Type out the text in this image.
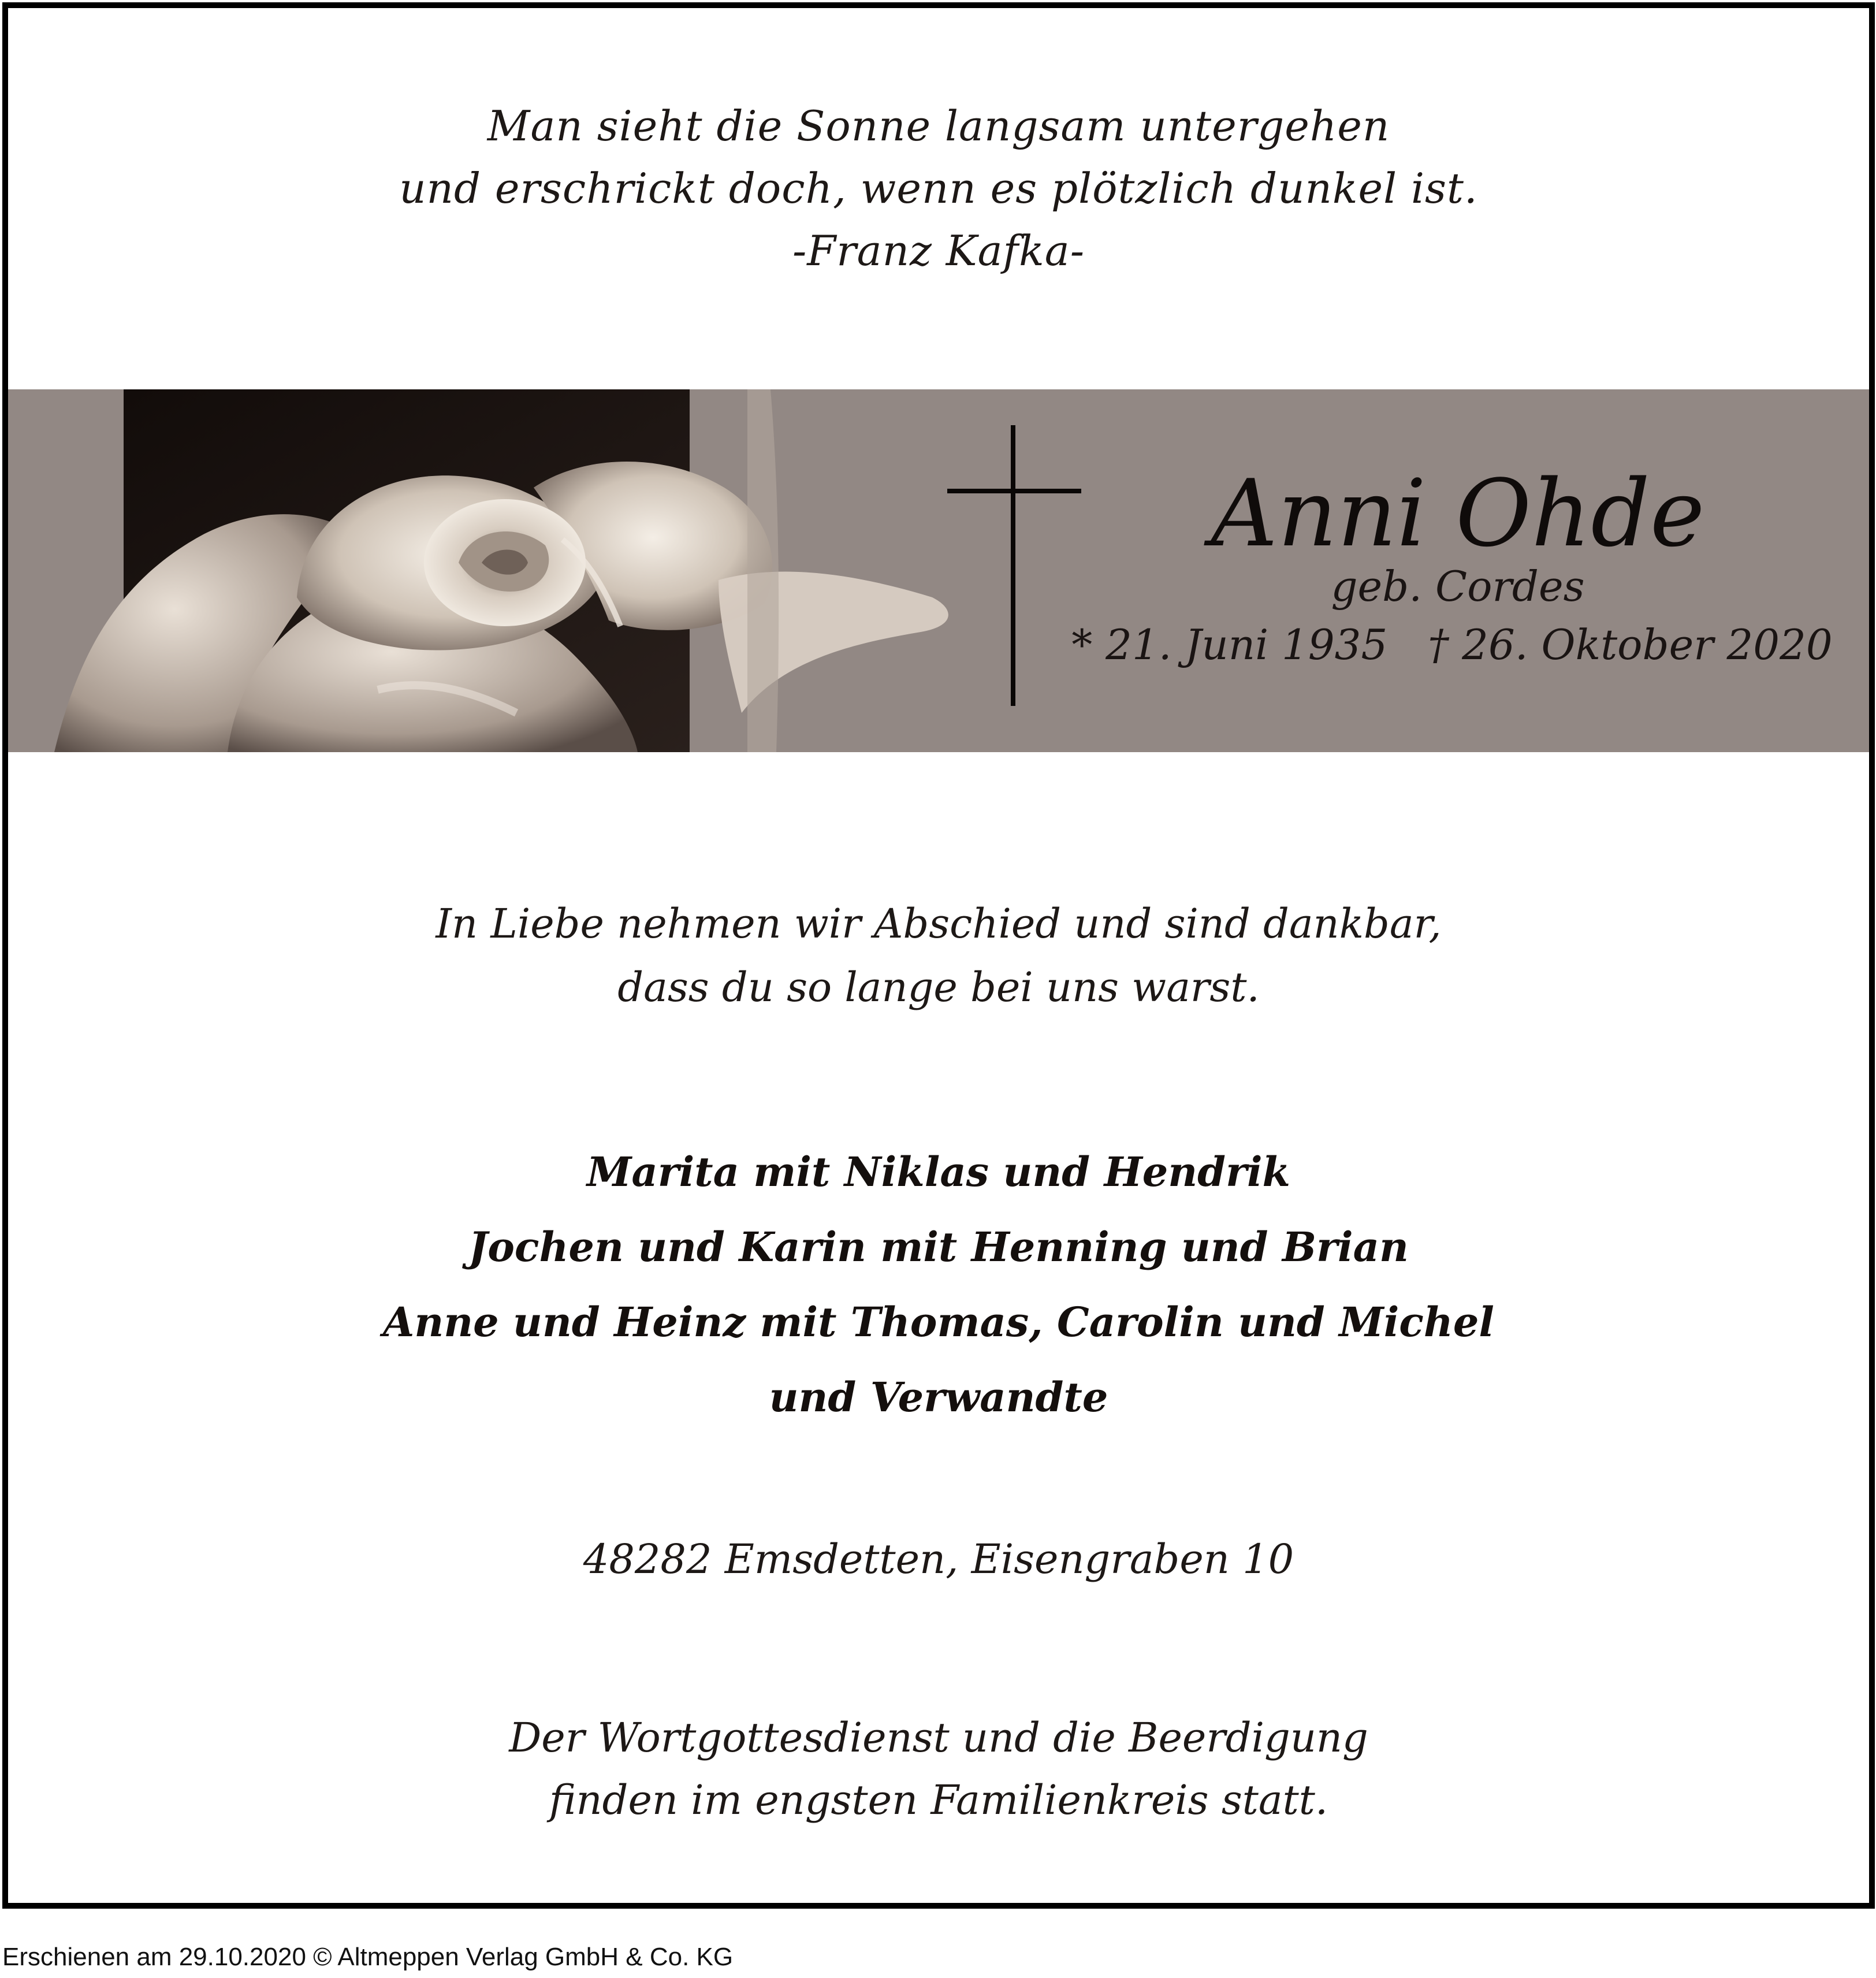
Man sieht die Sonne langsam untergehen
und erschrickt doch, wenn es plötzlich dunkel ist.
-Franz Kafka-
Anni Ohde
geb. Cordes
* 21. Juni 1935 † 26. Oktober 2020
In Liebe nehmen wir Abschied und sind dankbar,
dass du so lange bei uns warst.
Marita mit Niklas und Hendrik
Jochen und Karin mit Henning und Brian
Anne und Heinz mit Thomas, Carolin und Michel
und Verwandte
48282 Emsdetten, Eisengraben 10
Der Wortgottesdienst und die Beerdigung
finden im engsten Familienkreis statt.
Erschienen am 29.10.2020 © Altmeppen Verlag GmbH & Co. KG
